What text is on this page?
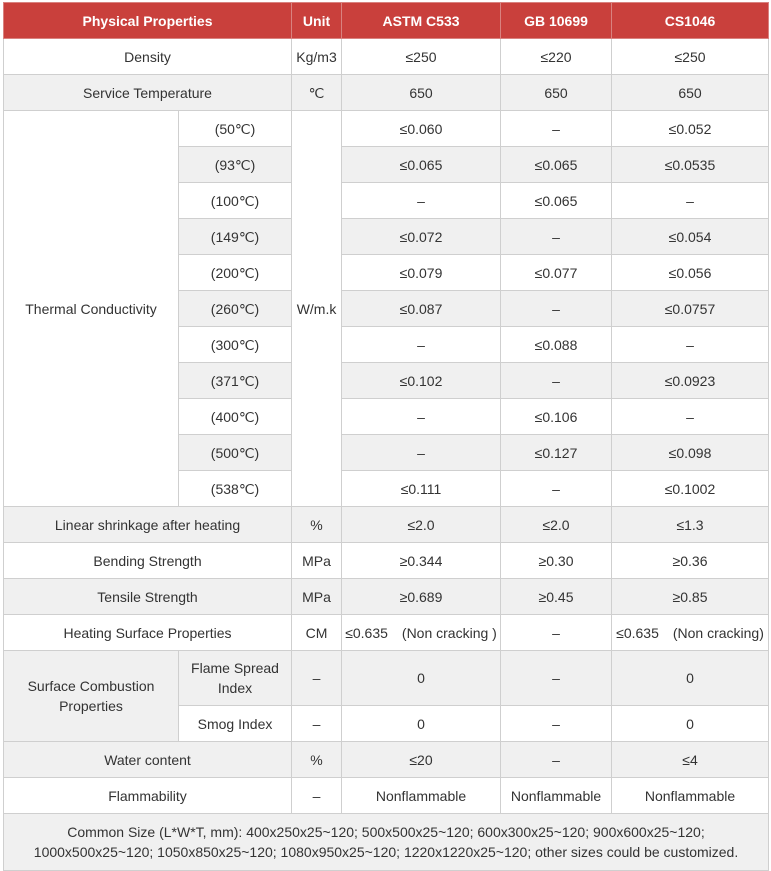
Physical Properties		Unit	ASTM C533	GB 10699	CS1046
Density		Kg/m3	≤250	≤220	≤250
Service Temperature		℃	650	650	650
Thermal Conductivity	(50℃)	W/m.k	≤0.060	–	≤0.052
	(93℃)		≤0.065	≤0.065	≤0.0535
	(100℃)		–	≤0.065	–
	(149℃)		≤0.072	–	≤0.054
	(200℃)		≤0.079	≤0.077	≤0.056
	(260℃)		≤0.087	–	≤0.0757
	(300℃)		–	≤0.088	–
	(371℃)		≤0.102	–	≤0.0923
	(400℃)		–	≤0.106	–
	(500℃)		–	≤0.127	≤0.098
	(538℃)		≤0.111	–	≤0.1002
Linear shrinkage after heating		%	≤2.0	≤2.0	≤1.3
Bending Strength		MPa	≥0.344	≥0.30	≥0.36
Tensile Strength		MPa	≥0.689	≥0.45	≥0.85
Heating Surface Properties		CM	≤0.635　(Non cracking )	–	≤0.635　(Non cracking)
Surface Combustion Properties	Flame Spread Index	–	0	–	0
	Smog Index	–	0	–	0
Water content		%	≤20	–	≤4
Flammability		–	Nonflammable	Nonflammable	Nonflammable
Common Size (L*W*T, mm): 400x250x25~120; 500x500x25~120; 600x300x25~120; 900x600x25~120;
1000x500x25~120; 1050x850x25~120; 1080x950x25~120; 1220x1220x25~120; other sizes could be customized.					
